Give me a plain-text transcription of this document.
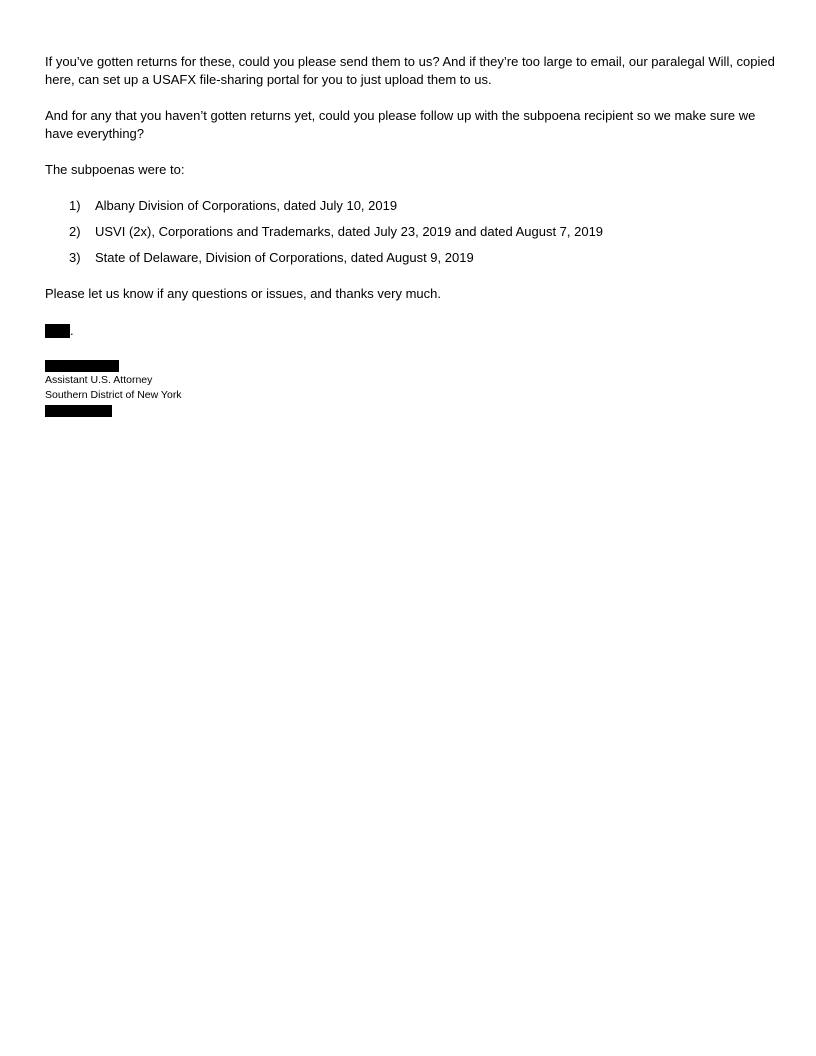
If you’ve gotten returns for these, could you please send them to us? And if they’re too large to email, our paralegal Will, copied here, can set up a USAFX file-sharing portal for you to just upload them to us.

And for any that you haven’t gotten returns yet, could you please follow up with the subpoena recipient so we make sure we have everything?

The subpoenas were to:

1) Albany Division of Corporations, dated July 10, 2019
2) USVI (2x), Corporations and Trademarks, dated July 23, 2019 and dated August 7, 2019
3) State of Delaware, Division of Corporations, dated August 9, 2019

Please let us know if any questions or issues, and thanks very much.

.

Assistant U.S. Attorney

Southern District of New York
